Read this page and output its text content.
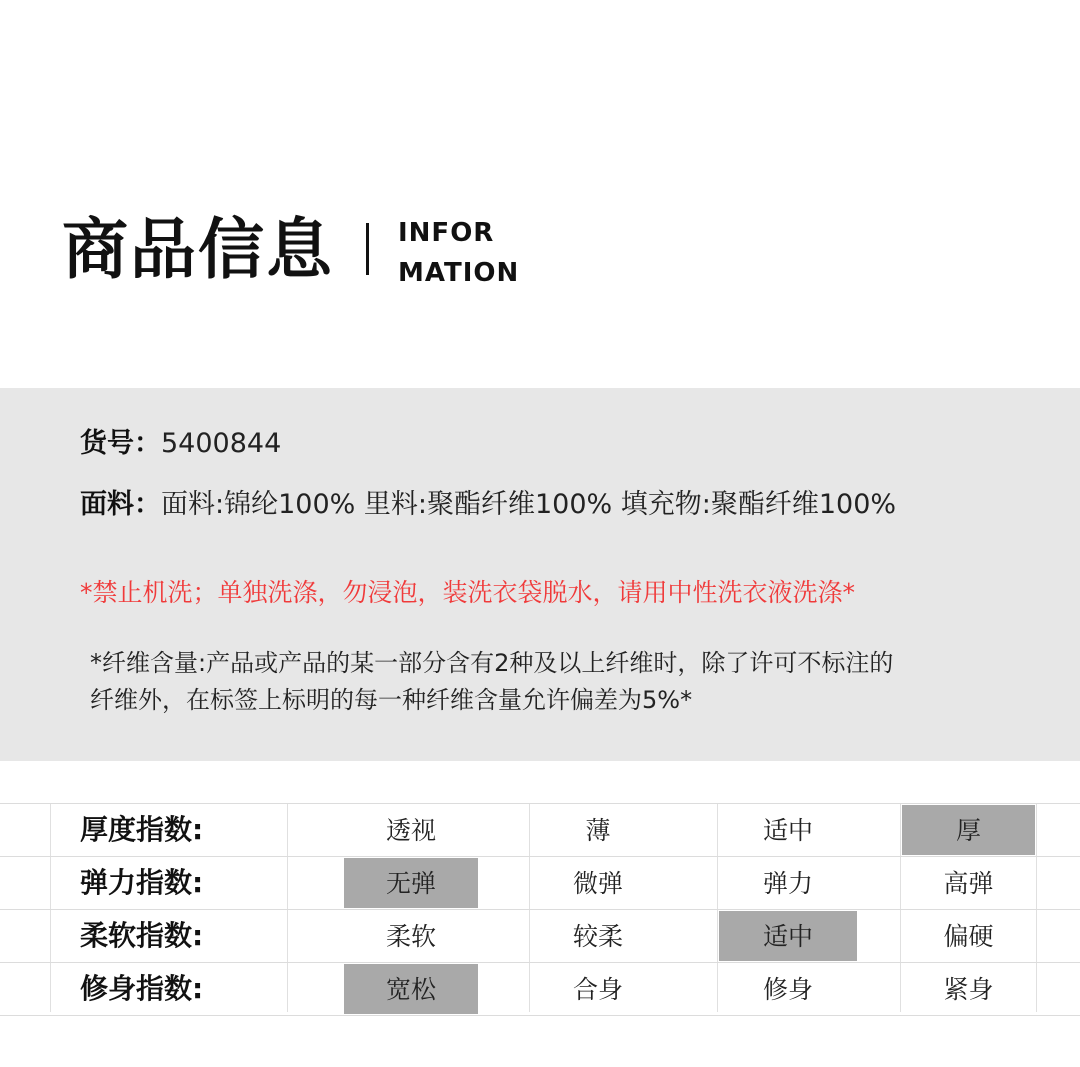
商品信息 INFOR
MATION
货号：5400844
面料：面料:锦纶100% 里料:聚酯纤维100% 填充物:聚酯纤维100%
*禁止机洗；单独洗涤，勿浸泡，装洗衣袋脱水，请用中性洗衣液洗涤*
*纤维含量:产品或产品的某一部分含有2种及以上纤维时，除了许可不标注的
纤维外，在标签上标明的每一种纤维含量允许偏差为5%*
厚度指数:	透视	薄	适中	厚
弹力指数:	无弹	微弹	弹力	高弹
柔软指数:	柔软	较柔	适中	偏硬
修身指数:	宽松	合身	修身	紧身
